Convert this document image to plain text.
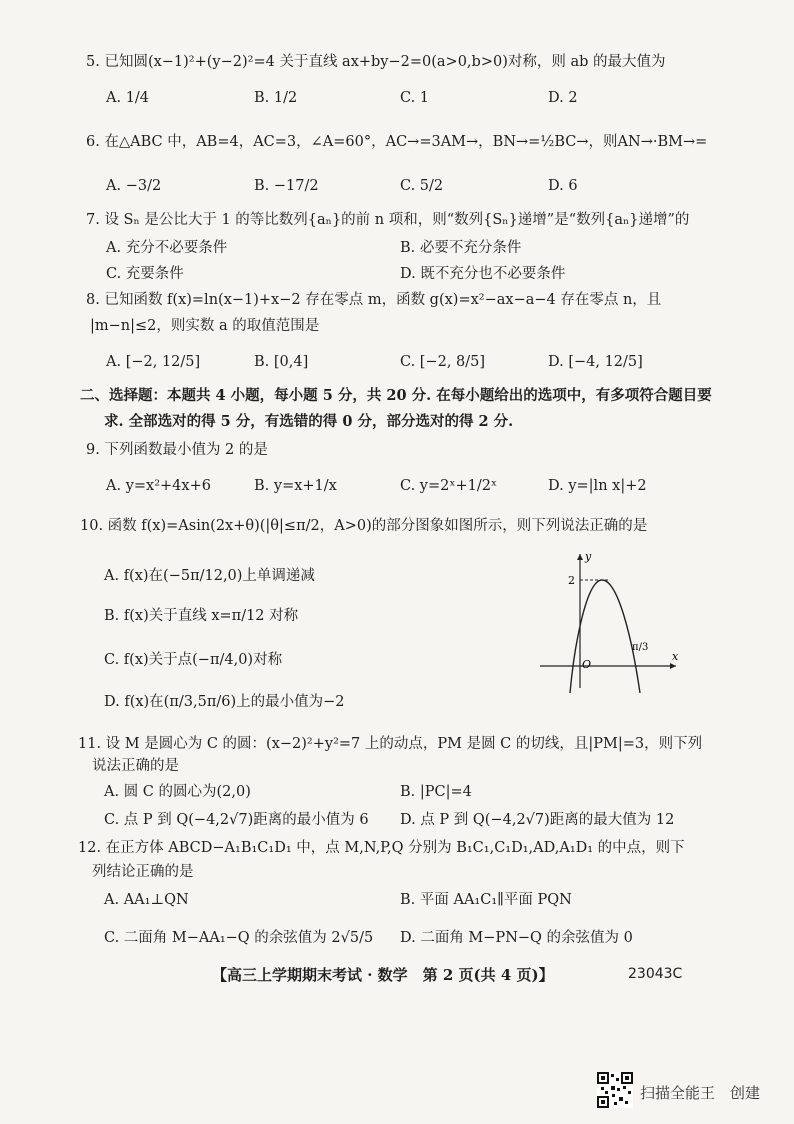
5. 已知圆(x−1)²+(y−2)²=4 关于直线 ax+by−2=0(a>0,b>0)对称，则 ab 的最大值为
A. 1/4	B. 1/2	C. 1	D. 2
6. 在△ABC 中，AB=4，AC=3，∠A=60°，AC→=3AM→，BN→=½BC→，则AN→·BM→=
A. −3/2	B. −17/2	C. 5/2	D. 6
7. 设 Sₙ 是公比大于 1 的等比数列{aₙ}的前 n 项和，则“数列{Sₙ}递增”是“数列{aₙ}递增”的
A. 充分不必要条件	B. 必要不充分条件
C. 充要条件	D. 既不充分也不必要条件
8. 已知函数 f(x)=ln(x−1)+x−2 存在零点 m，函数 g(x)=x²−ax−a−4 存在零点 n，且
|m−n|≤2，则实数 a 的取值范围是
A. [−2, 12/5]	B. [0,4]	C. [−2, 8/5]	D. [−4, 12/5]
二、选择题：本题共 4 小题，每小题 5 分，共 20 分. 在每小题给出的选项中，有多项符合题目要
求. 全部选对的得 5 分，有选错的得 0 分，部分选对的得 2 分.
9. 下列函数最小值为 2 的是
A. y=x²+4x+6	B. y=x+1/x	C. y=2ˣ+1/2ˣ	D. y=|ln x|+2
10. 函数 f(x)=Asin(2x+θ)(|θ|≤π/2，A>0)的部分图象如图所示，则下列说法正确的是
A. f(x)在(−5π/12,0)上单调递减
B. f(x)关于直线 x=π/12 对称
C. f(x)关于点(−π/4,0)对称
D. f(x)在(π/3,5π/6)上的最小值为−2
y
x
O
2
π/3
11. 设 M 是圆心为 C 的圆：(x−2)²+y²=7 上的动点，PM 是圆 C 的切线，且|PM|=3，则下列
说法正确的是
A. 圆 C 的圆心为(2,0)	B. |PC|=4
C. 点 P 到 Q(−4,2√7)距离的最小值为 6 D. 点 P 到 Q(−4,2√7)距离的最大值为 12
12. 在正方体 ABCD−A₁B₁C₁D₁ 中，点 M,N,P,Q 分别为 B₁C₁,C₁D₁,AD,A₁D₁ 的中点，则下
列结论正确的是
A. AA₁⊥QN	B. 平面 AA₁C₁∥平面 PQN
C. 二面角 M−AA₁−Q 的余弦值为 2√5/5 D. 二面角 M−PN−Q 的余弦值为 0
【高三上学期期末考试 · 数学　第 2 页(共 4 页)】	23043C
扫描全能王　创建
